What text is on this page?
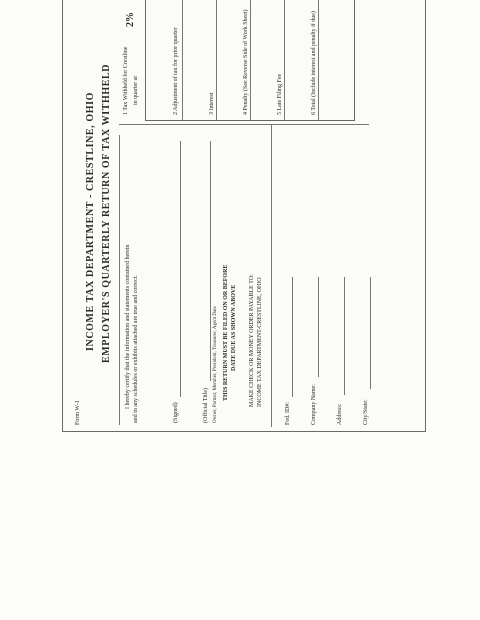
Form W-1
INCOME TAX DEPARTMENT - CRESTLINE, OHIO EMPLOYER'S QUARTERLY RETURN OF TAX WITHHELD I hereby certify that the information and statements contained herein and in any schedules or exhibits attached are true and correct.	(Signed)	(Official Title) Owner, Partner, Member, President, Treasurer, Agent Date THIS RETURN MUST BE FILED ON OR BEFORE DATE DUE AS SHOWN ABOVE MAKE CHECK OR MONEY ORDER PAYABLE TO: INCOME TAX DEPARTMENT-CRESTLINE, OHIO
Fed. ID#:	Company Name:	Address:	City/State:
1 Tax Withheld for Crestline in quarter at
2%
2 Adjustment of tax for prior quarter	3 Interest	4 Penalty (See Reverse Side of Work Sheet)	5 Late Filing Fee	6 Total (Include interest and penalty if due)
